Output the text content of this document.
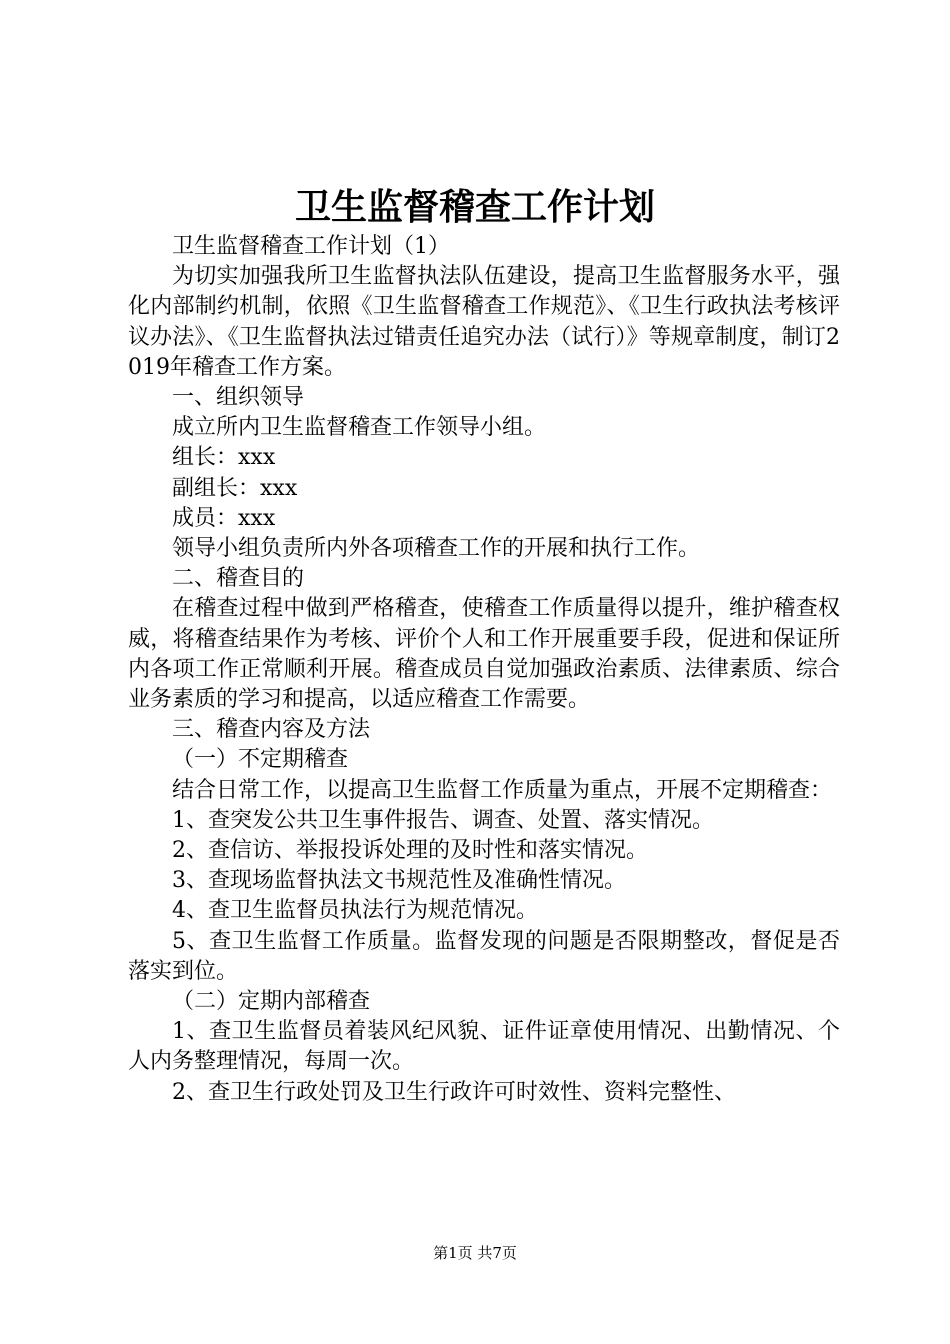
卫生监督稽查工作计划

卫生监督稽查工作计划（1）

为切实加强我所卫生监督执法队伍建设，提高卫生监督服务水平，强化内部制约机制，依照《卫生监督稽查工作规范》、《卫生行政执法考核评议办法》、《卫生监督执法过错责任追究办法（试行）》等规章制度，制订2019年稽查工作方案。

一、组织领导

成立所内卫生监督稽查工作领导小组。

组长：xxx

副组长：xxx

成员：xxx

领导小组负责所内外各项稽查工作的开展和执行工作。

二、稽查目的

在稽查过程中做到严格稽查，使稽查工作质量得以提升，维护稽查权威，将稽查结果作为考核、评价个人和工作开展重要手段，促进和保证所内各项工作正常顺利开展。稽查成员自觉加强政治素质、法律素质、综合业务素质的学习和提高，以适应稽查工作需要。

三、稽查内容及方法

（一）不定期稽查

结合日常工作，以提高卫生监督工作质量为重点，开展不定期稽查：

1、查突发公共卫生事件报告、调查、处置、落实情况。

2、查信访、举报投诉处理的及时性和落实情况。

3、查现场监督执法文书规范性及准确性情况。

4、查卫生监督员执法行为规范情况。

5、查卫生监督工作质量。监督发现的问题是否限期整改，督促是否落实到位。

（二）定期内部稽查

1、查卫生监督员着装风纪风貌、证件证章使用情况、出勤情况、个人内务整理情况，每周一次。

2、查卫生行政处罚及卫生行政许可时效性、资料完整性、

第1页 共7页
